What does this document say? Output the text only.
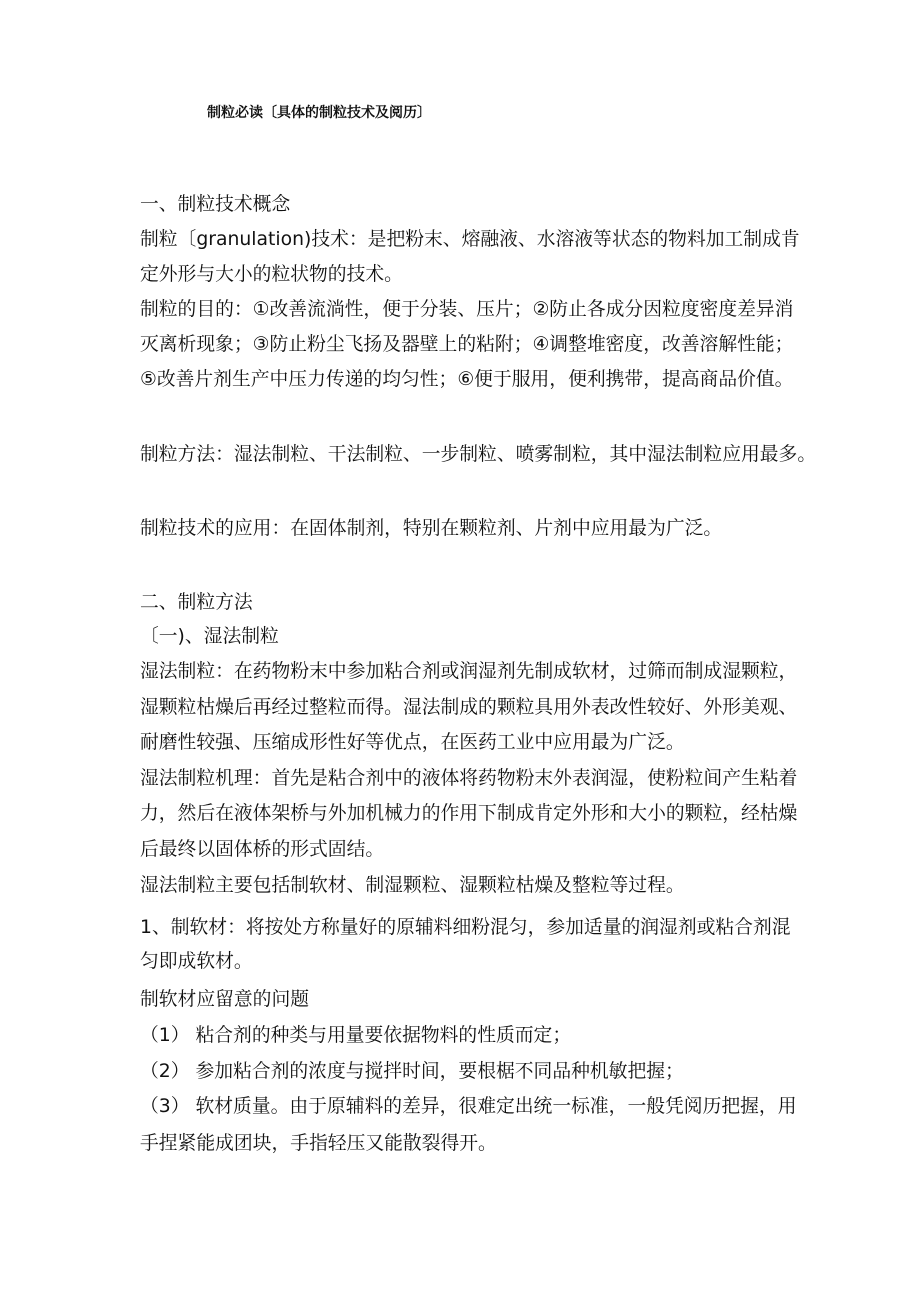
制粒必读〔具体的制粒技术及阅历〕
一、制粒技术概念
制粒〔granulation)技术：是把粉末、熔融液、水溶液等状态的物料加工制成肯
定外形与大小的粒状物的技术。
制粒的目的：①改善流淌性，便于分装、压片；②防止各成分因粒度密度差异消
灭离析现象；③防止粉尘飞扬及器壁上的粘附；④调整堆密度，改善溶解性能；
⑤改善片剂生产中压力传递的均匀性；⑥便于服用，便利携带，提高商品价值。
制粒方法：湿法制粒、干法制粒、一步制粒、喷雾制粒，其中湿法制粒应用最多。
制粒技术的应用：在固体制剂，特别在颗粒剂、片剂中应用最为广泛。
二、制粒方法
〔一)、湿法制粒
湿法制粒：在药物粉末中参加粘合剂或润湿剂先制成软材，过筛而制成湿颗粒，
湿颗粒枯燥后再经过整粒而得。湿法制成的颗粒具用外表改性较好、外形美观、
耐磨性较强、压缩成形性好等优点，在医药工业中应用最为广泛。
湿法制粒机理：首先是粘合剂中的液体将药物粉末外表润湿，使粉粒间产生粘着
力，然后在液体架桥与外加机械力的作用下制成肯定外形和大小的颗粒，经枯燥
后最终以固体桥的形式固结。
湿法制粒主要包括制软材、制湿颗粒、湿颗粒枯燥及整粒等过程。
1、制软材：将按处方称量好的原辅料细粉混匀，参加适量的润湿剂或粘合剂混
匀即成软材。
制软材应留意的问题
（1） 粘合剂的种类与用量要依据物料的性质而定；
（2） 参加粘合剂的浓度与搅拌时间，要根椐不同品种机敏把握；
（3） 软材质量。由于原辅料的差异，很难定出统一标准，一般凭阅历把握，用
手捏紧能成团块，手指轻压又能散裂得开。
